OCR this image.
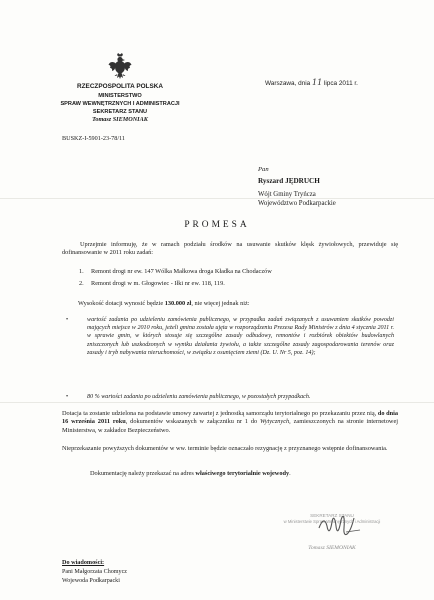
RZECZPOSPOLITA POLSKA
MINISTERSTWO
SPRAW WEWNĘTRZNYCH I ADMINISTRACJI
SEKRETARZ STANU
Tomasz SIEMONIAK
Warszawa, dnia 11 lipca 2011 r.
BUSKZ-I-5901-23-78/11
Pan
Ryszard JĘDRUCH
Wójt Gminy Tryńcza
Województwo Podkarpackie
PROMESA
Uprzejmie informuję, że w ramach podziału środków na usuwanie skutków klęsk żywiołowych, przewiduje się dofinansowanie w 2011 roku zadań:
1. Remont drogi nr ew. 147 Wólka Małkowa droga Kładka na Chodaczów
2. Remont drogi w m. Głogowiec - Iłki nr ew. 118, 119.
Wysokość dotacji wynosić będzie 130.000 zł, nie więcej jednak niż:
•	wartość zadania po udzieleniu zamówienia publicznego, w przypadku zadań związanych z usuwaniem skutków powodzi mających miejsce w 2010 roku, jeżeli gmina została ujęta w rozporządzeniu Prezesa Rady Ministrów z dnia 4 stycznia 2011 r. w sprawie gmin, w których stosuje się szczególne zasady odbudowy, remontów i rozbiórek obiektów budowlanych zniszczonych lub uszkodzonych w wyniku działania żywiołu, a także szczególne zasady zagospodarowania terenów oraz zasady i tryb nabywania nieruchomości, w związku z osunięciem ziemi (Dz. U. Nr 5, poz. 14);
•	80 % wartości zadania po udzieleniu zamówienia publicznego, w pozostałych przypadkach.
Dotacja ta zostanie udzielona na podstawie umowy zawartej z jednostką samorządu terytorialnego po przekazaniu przez nią, do dnia 16 września 2011 roku, dokumentów wskazanych w załączniku nr 1 do Wytycznych, zamieszczonych na stronie internetowej Ministerstwa, w zakładce Bezpieczeństwo.
Nieprzekazanie powyższych dokumentów w ww. terminie będzie oznaczało rezygnację z przyznanego wstępnie dofinansowania.
Dokumentację należy przekazać na adres właściwego terytorialnie wojewody.
SEKRETARZ STANU
w Ministerstwie Spraw Wewnętrznych i Administracji
Tomasz SIEMONIAK
Do wiadomości:
Pani Małgorzata Chomycz
Wojewoda Podkarpacki
